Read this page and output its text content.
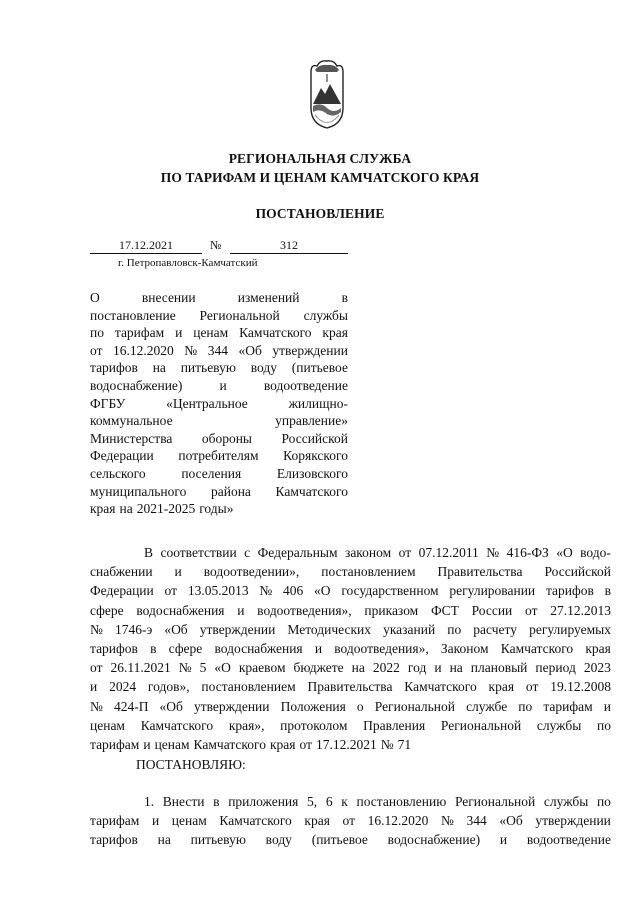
РЕГИОНАЛЬНАЯ СЛУЖБА
ПО ТАРИФАМ И ЦЕНАМ КАМЧАТСКОГО КРАЯ
ПОСТАНОВЛЕНИЕ
17.12.2021	№	312
г. Петропавловск-Камчатский
О	внесении	изменений	в
постановление Региональной службы
по тарифам и ценам Камчатского края
от 16.12.2020 № 344 «Об утверждении
тарифов на питьевую воду (питьевое
водоснабжение)	и	водоотведение
ФГБУ	«Центральное	жилищно-
коммунальное	управление»
Министерства обороны Российской
Федерации потребителям Корякского
сельского	поселения	Елизовского
муниципального района Камчатского
края на 2021-2025 годы»
В соответствии с Федеральным законом от 07.12.2011 № 416-ФЗ «О водо-
снабжении и водоотведении», постановлением Правительства Российской
Федерации от 13.05.2013 № 406 «О государственном регулировании тарифов в
сфере водоснабжения и водоотведения», приказом ФСТ России от 27.12.2013
№ 1746-э «Об утверждении Методических указаний по расчету регулируемых
тарифов в сфере водоснабжения и водоотведения», Законом Камчатского края
от 26.11.2021 № 5 «О краевом бюджете на 2022 год и на плановый период 2023
и 2024 годов», постановлением Правительства Камчатского края от 19.12.2008
№ 424-П «Об утверждении Положения о Региональной службе по тарифам и
ценам Камчатского края», протоколом Правления Региональной службы по
тарифам и ценам Камчатского края от 17.12.2021 № 71
ПОСТАНОВЛЯЮ:
1. Внести в приложения 5, 6 к постановлению Региональной службы по
тарифам и ценам Камчатского края от 16.12.2020 № 344 «Об утверждении
тарифов на питьевую воду (питьевое водоснабжение) и водоотведение
